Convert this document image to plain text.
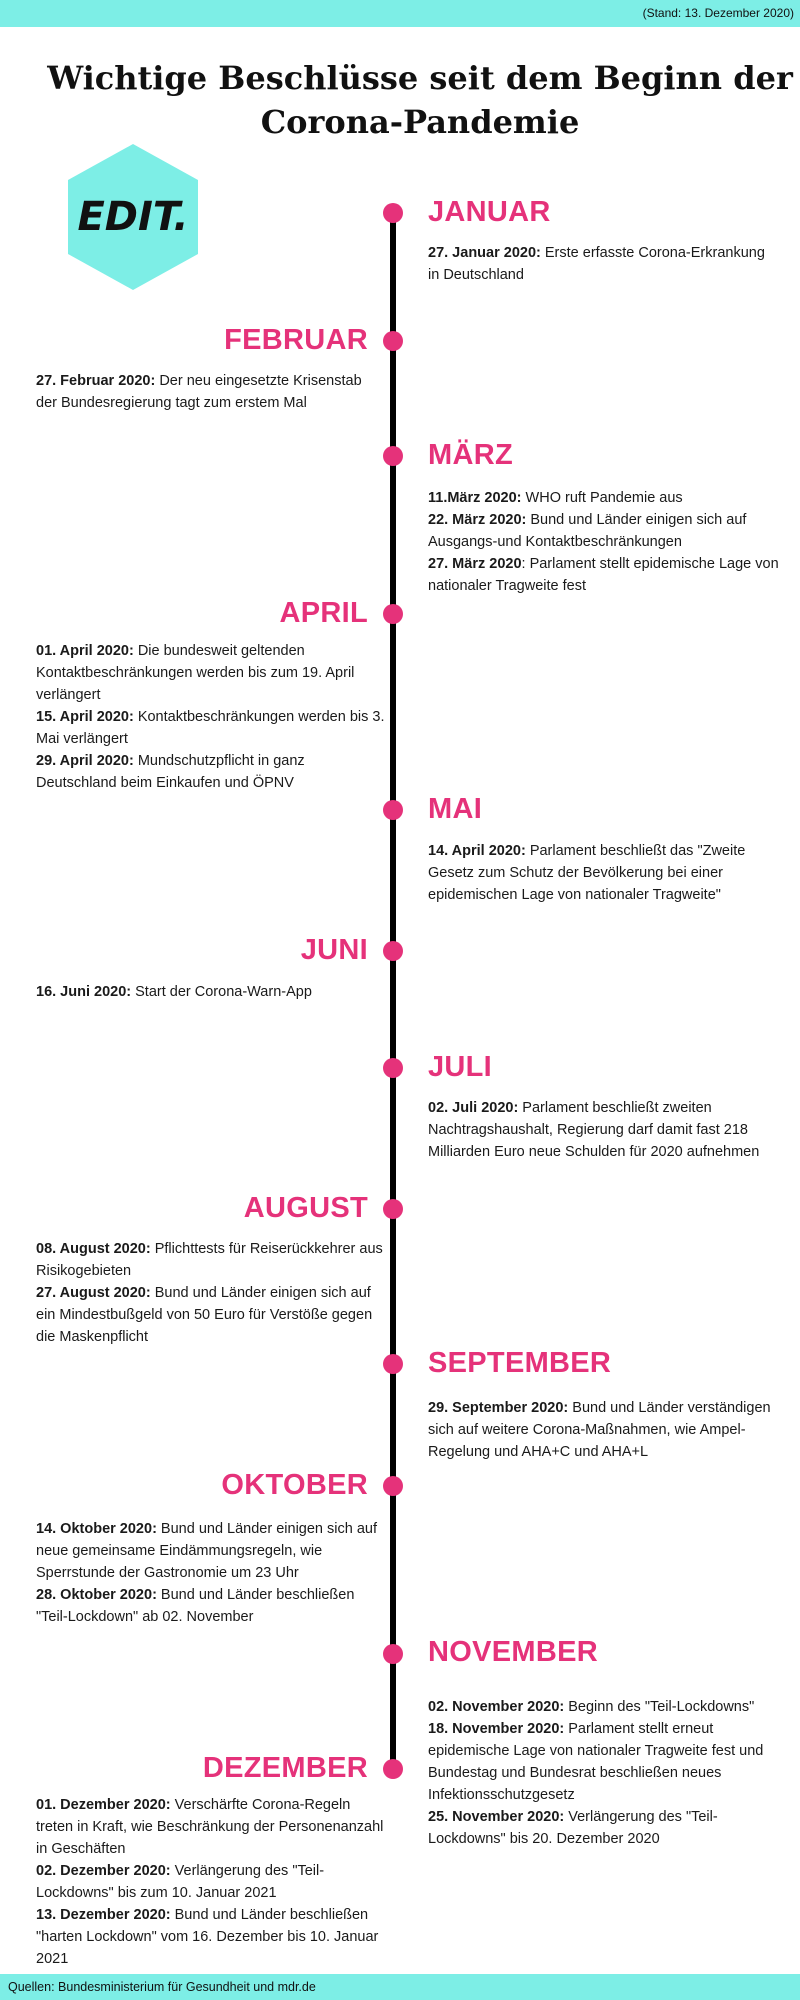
(Stand: 13. Dezember 2020)
Wichtige Beschlüsse seit dem Beginn der Corona-Pandemie
EDIT.	JANUAR

27. Januar 2020: Erste erfasste Corona-Erkrankung in Deutschland

FEBRUAR

27. Februar 2020: Der neu eingesetzte Krisenstab der Bundesregierung tagt zum erstem Mal

MÄRZ

11.März 2020: WHO ruft Pandemie aus

22. März 2020: Bund und Länder einigen sich auf Ausgangs-und Kontaktbeschränkungen

27. März 2020: Parlament stellt epidemische Lage von nationaler Tragweite fest

APRIL

01. April 2020: Die bundesweit geltenden Kontaktbeschränkungen werden bis zum 19. April verlängert

15. April 2020: Kontaktbeschränkungen werden bis 3. Mai verlängert

29. April 2020: Mundschutzpflicht in ganz Deutschland beim Einkaufen und ÖPNV

MAI

14. April 2020: Parlament beschließt das "Zweite Gesetz zum Schutz der Bevölkerung bei einer epidemischen Lage von nationaler Tragweite"

JUNI

16. Juni 2020: Start der Corona-Warn-App

JULI

02. Juli 2020: Parlament beschließt zweiten Nachtragshaushalt, Regierung darf damit fast 218 Milliarden Euro neue Schulden für 2020 aufnehmen

AUGUST

08. August 2020: Pflichttests für Reiserückkehrer aus Risikogebieten

27. August 2020: Bund und Länder einigen sich auf ein Mindestbußgeld von 50 Euro für Verstöße gegen die Maskenpflicht

SEPTEMBER

29. September 2020: Bund und Länder verständigen sich auf weitere Corona-Maßnahmen, wie Ampel-Regelung und AHA+C und AHA+L

OKTOBER

14. Oktober 2020: Bund und Länder einigen sich auf neue gemeinsame Eindämmungsregeln, wie Sperrstunde der Gastronomie um 23 Uhr

28. Oktober 2020: Bund und Länder beschließen "Teil-Lockdown" ab 02. November

NOVEMBER

02. November 2020: Beginn des "Teil-Lockdowns"

18. November 2020: Parlament stellt erneut epidemische Lage von nationaler Tragweite fest und Bundestag und Bundesrat beschließen neues Infektionsschutzgesetz

25. November 2020: Verlängerung des "Teil-Lockdowns" bis 20. Dezember 2020

DEZEMBER

01. Dezember 2020: Verschärfte Corona-Regeln treten in Kraft, wie Beschränkung der Personenanzahl in Geschäften

02. Dezember 2020: Verlängerung des "Teil-Lockdowns" bis zum 10. Januar 2021

13. Dezember 2020: Bund und Länder beschließen "harten Lockdown" vom 16. Dezember bis 10. Januar 2021

Quellen: Bundesministerium für Gesundheit und mdr.de
